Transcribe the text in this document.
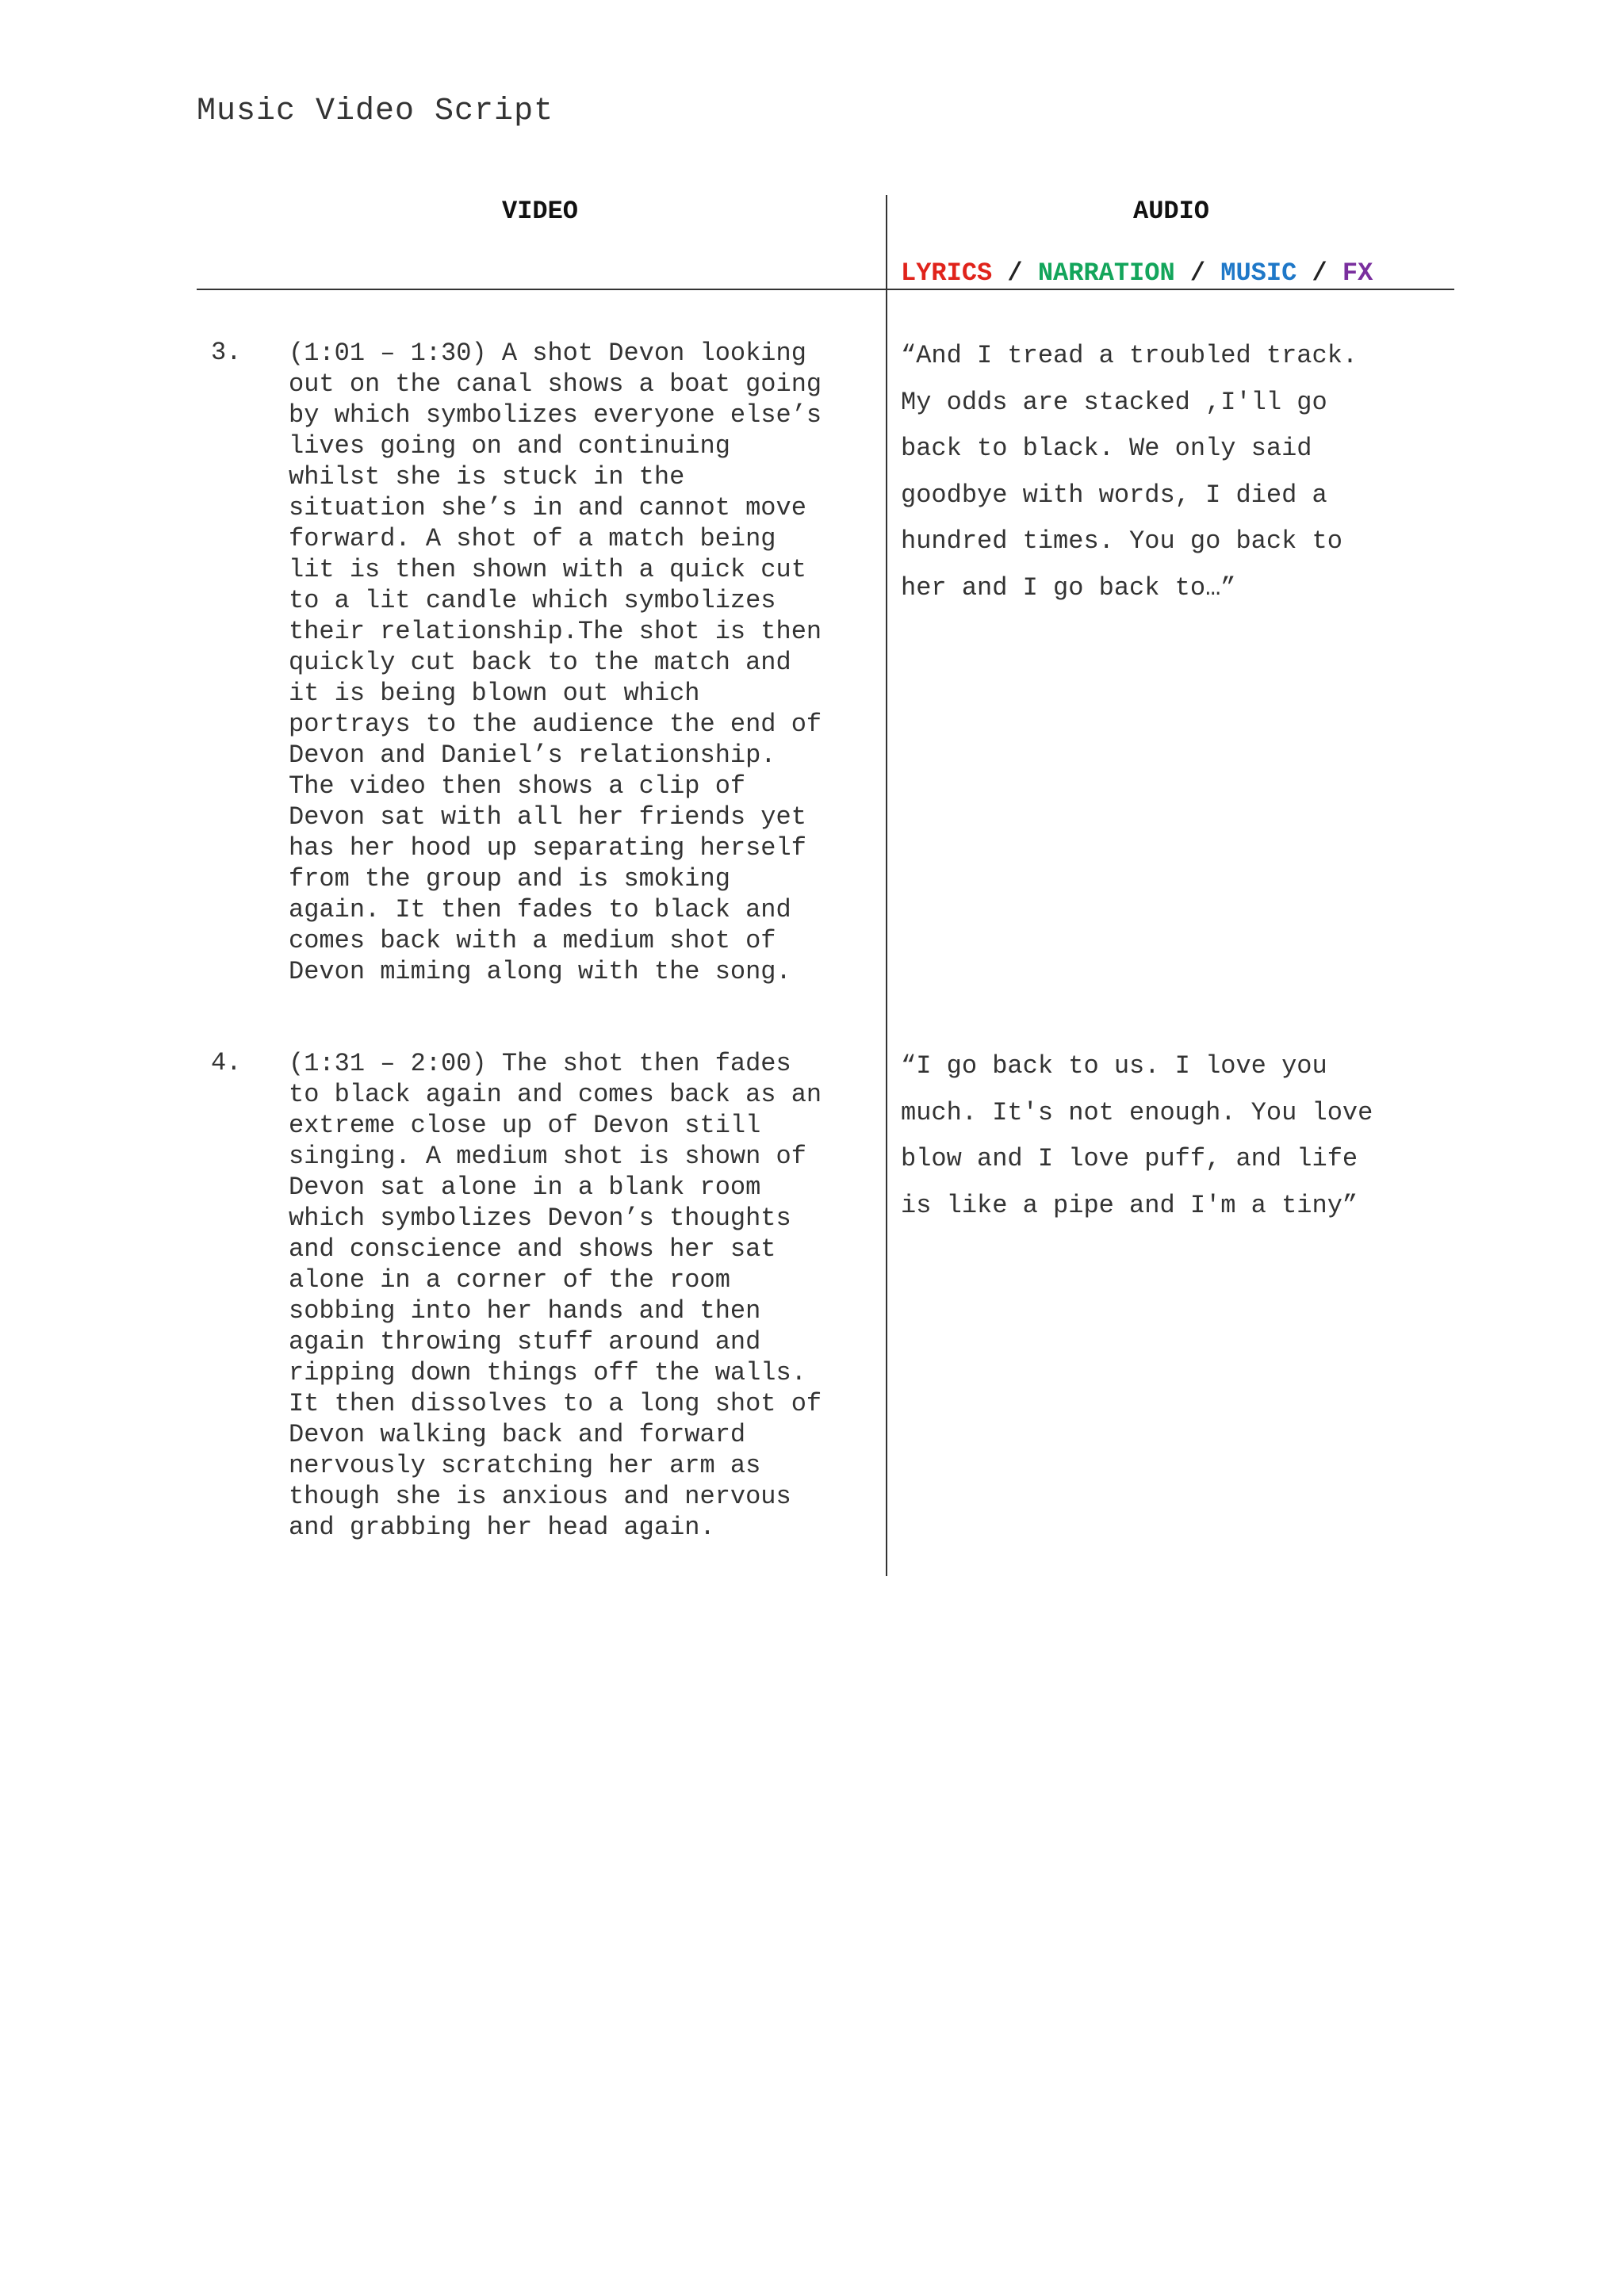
Music Video Script
VIDEO	AUDIO
LYRICS / NARRATION / MUSIC / FX
3. (1:01 – 1:30) A shot Devon looking
out on the canal shows a boat going
by which symbolizes everyone else’s
lives going on and continuing
whilst she is stuck in the
situation she’s in and cannot move
forward. A shot of a match being
lit is then shown with a quick cut
to a lit candle which symbolizes
their relationship.The shot is then
quickly cut back to the match and
it is being blown out which
portrays to the audience the end of
Devon and Daniel’s relationship.
The video then shows a clip of
Devon sat with all her friends yet
has her hood up separating herself
from the group and is smoking
again. It then fades to black and
comes back with a medium shot of
Devon miming along with the song.
“And I tread a troubled track.
My odds are stacked ,I'll go
back to black. We only said
goodbye with words, I died a
hundred times. You go back to
her and I go back to…”
4. (1:31 – 2:00) The shot then fades
to black again and comes back as an
extreme close up of Devon still
singing. A medium shot is shown of
Devon sat alone in a blank room
which symbolizes Devon’s thoughts
and conscience and shows her sat
alone in a corner of the room
sobbing into her hands and then
again throwing stuff around and
ripping down things off the walls.
It then dissolves to a long shot of
Devon walking back and forward
nervously scratching her arm as
though she is anxious and nervous
and grabbing her head again.
“I go back to us. I love you
much. It's not enough. You love
blow and I love puff, and life
is like a pipe and I'm a tiny”
